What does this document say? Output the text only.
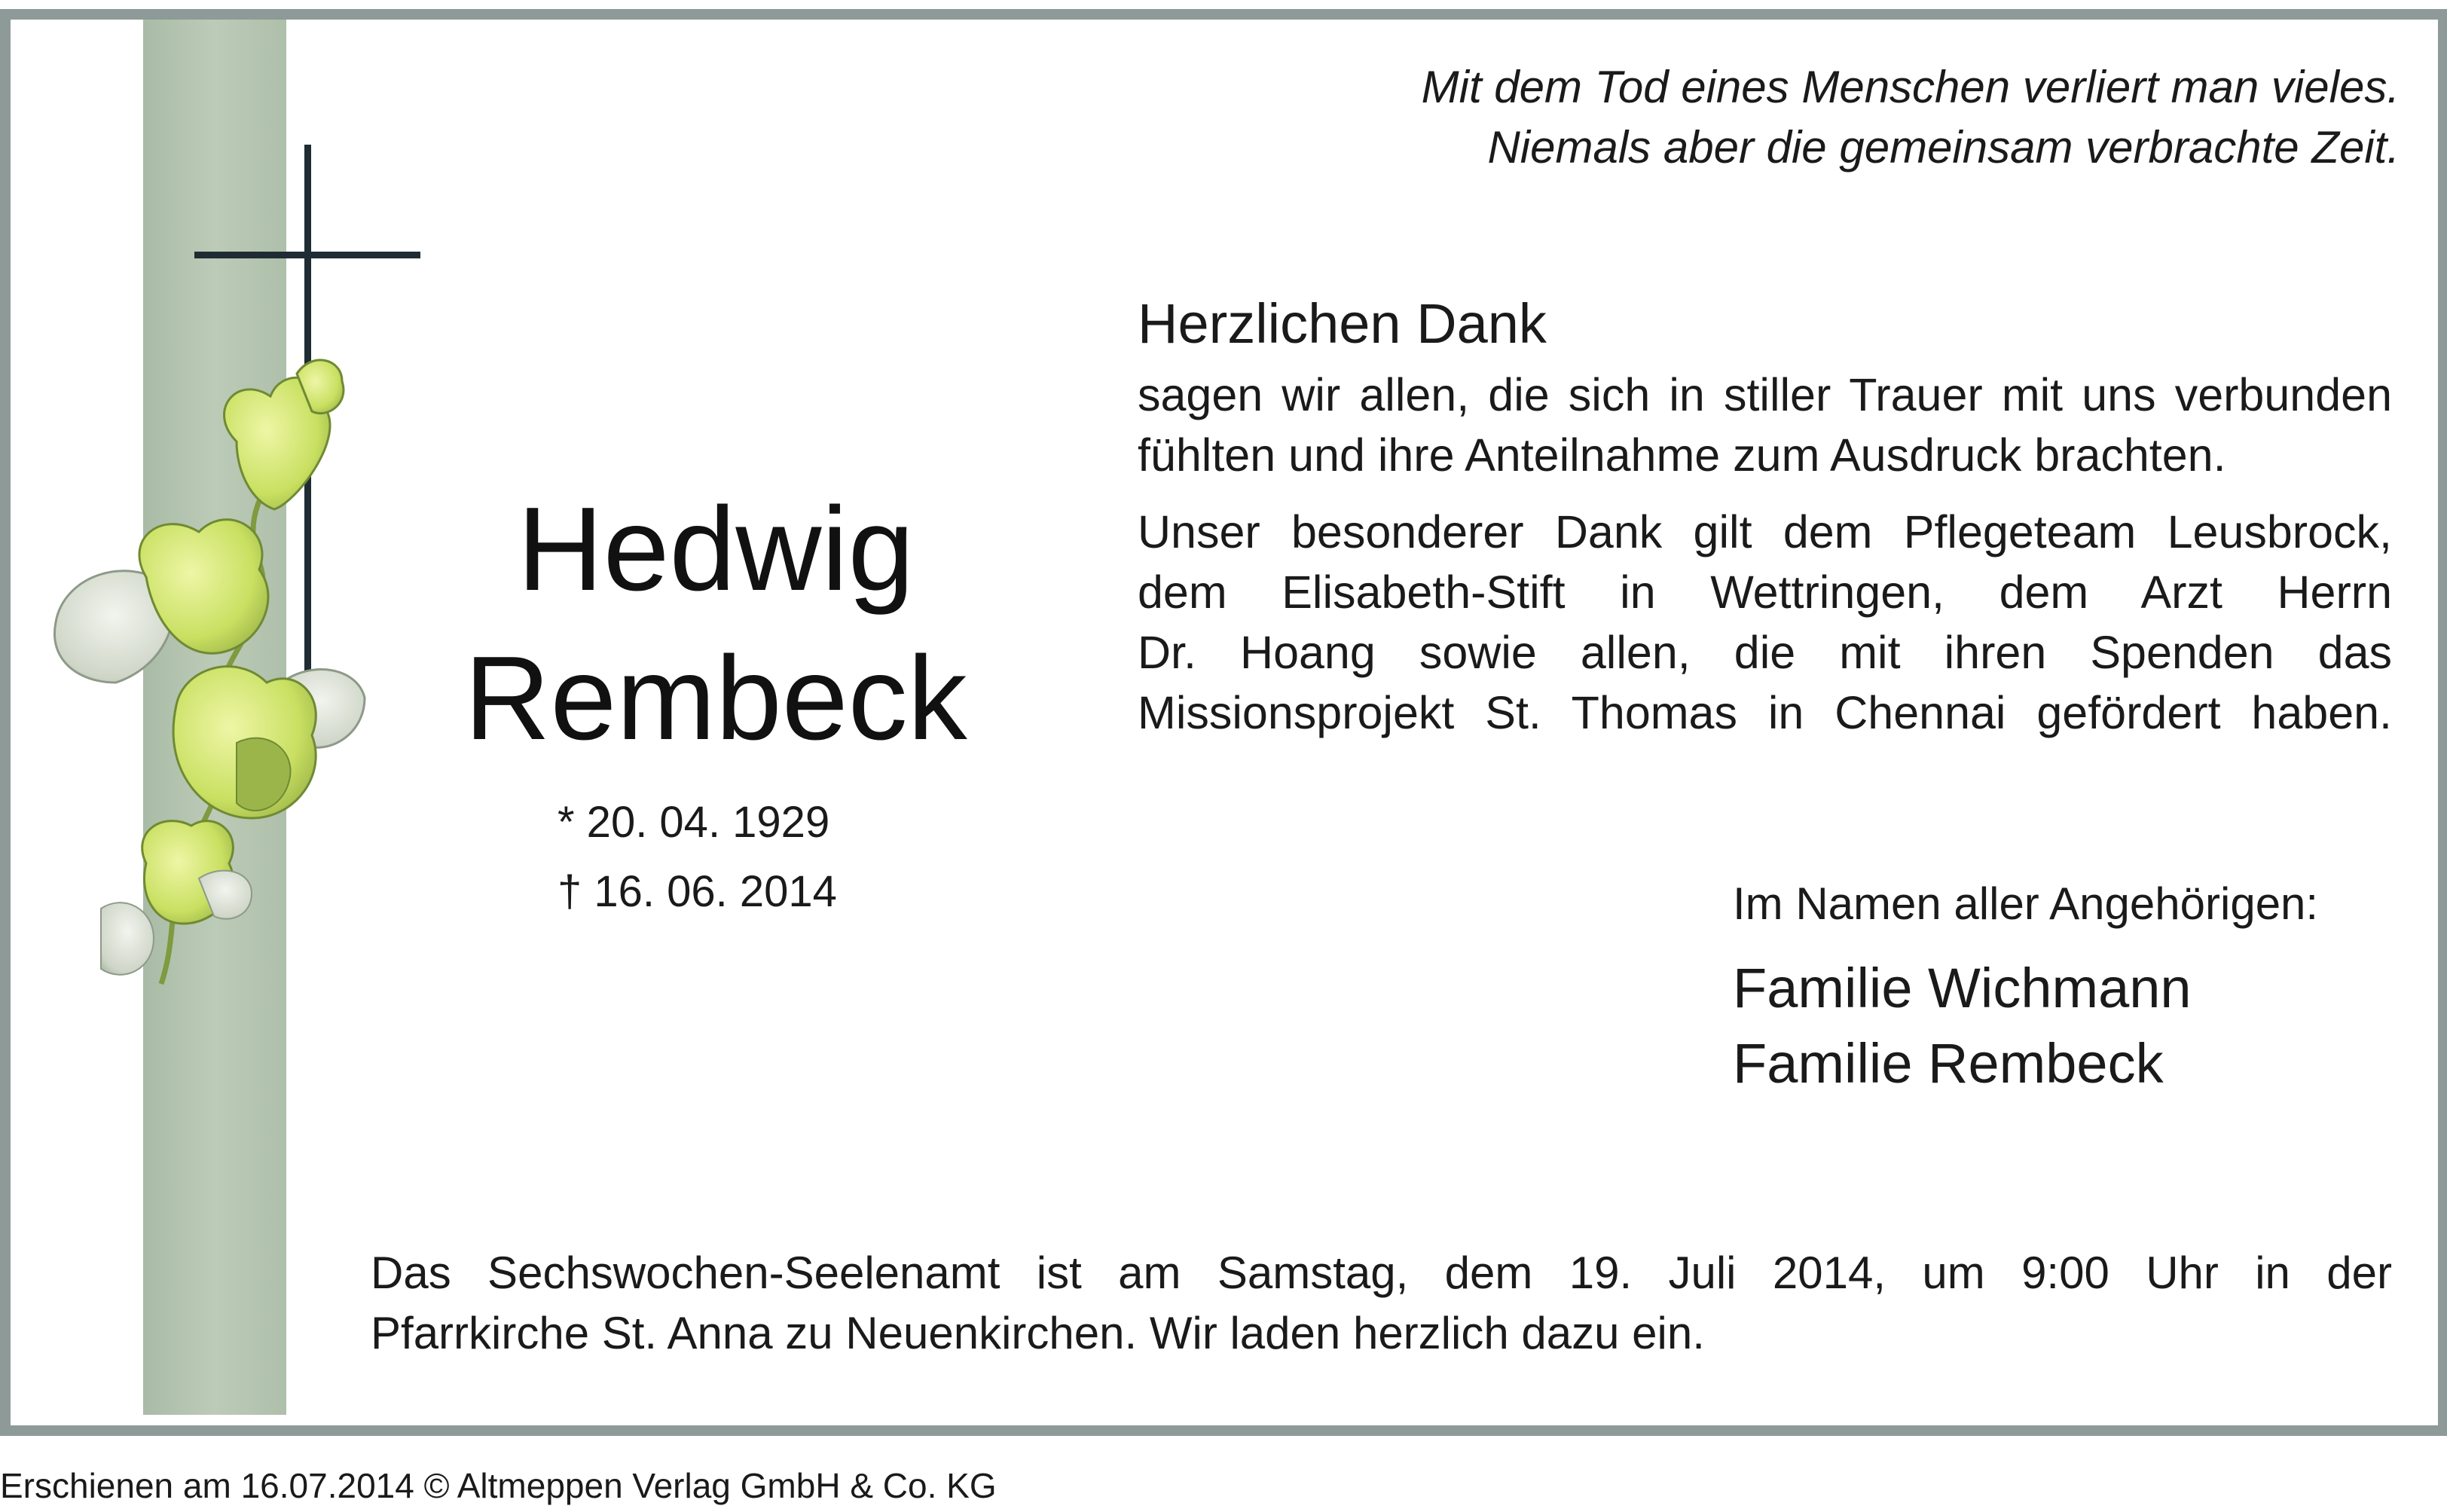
Mit dem Tod eines Menschen verliert man vieles.
Niemals aber die gemeinsam verbrachte Zeit.
Hedwig
Rembeck
* 20. 04. 1929
† 16. 06. 2014
Herzlichen Dank
sagen wir allen, die sich in stiller Trauer mit uns verbunden
fühlten und ihre Anteilnahme zum Ausdruck brachten.
Unser besonderer Dank gilt dem Pflegeteam Leusbrock,
dem Elisabeth-Stift in Wettringen, dem Arzt Herrn
Dr. Hoang sowie allen, die mit ihren Spenden das
Missionsprojekt St. Thomas in Chennai gefördert haben.
Im Namen aller Angehörigen:
Familie Wichmann
Familie Rembeck
Das Sechswochen-Seelenamt ist am Samstag, dem 19. Juli 2014, um 9:00 Uhr in der
Pfarrkirche St. Anna zu Neuenkirchen. Wir laden herzlich dazu ein.
Erschienen am 16.07.2014 © Altmeppen Verlag GmbH & Co. KG
